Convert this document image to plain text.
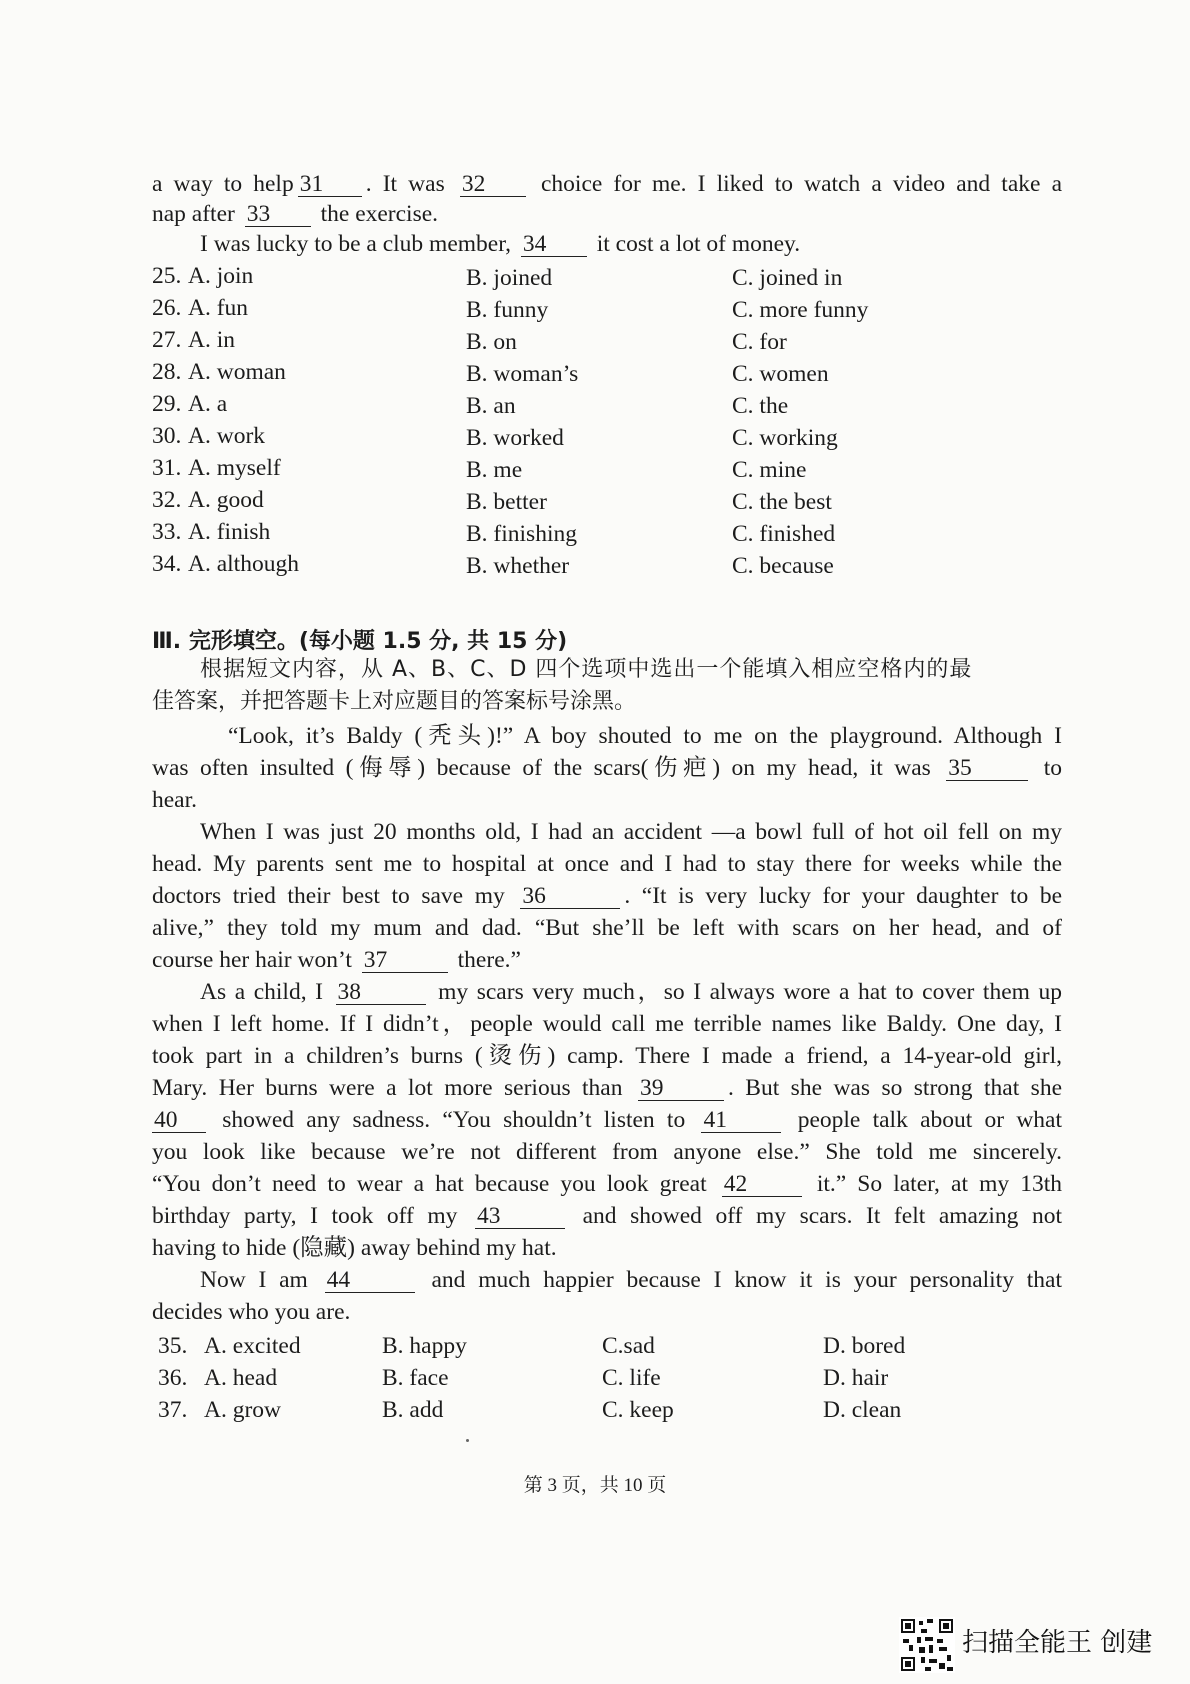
a way to help 31 . It was 32 choice for me. I liked to watch a video and take a
nap after 33 the exercise.
I was lucky to be a club member, 34 it cost a lot of money.
25. A. join	B. joined	C. joined in
26. A. fun	B. funny	C. more funny
27. A. in	B. on	C. for
28. A. woman	B. woman’s	C. women
29. A. a	B. an	C. the
30. A. work	B. worked	C. working
31. A. myself	B. me	C. mine
32. A. good	B. better	C. the best
33. A. finish	B. finishing	C. finished
34. A. although	B. whether	C. because
Ⅲ. 完形填空。(每小题 1.5 分, 共 15 分)
根据短文内容，从 A、B、C、D 四个选项中选出一个能填入相应空格内的最
佳答案，并把答题卡上对应题目的答案标号涂黑。
“Look, it’s Baldy (秃头)!” A boy shouted to me on the playground. Although I
was often insulted (侮辱) because of the scars(伤疤) on my head, it was 35	to
hear.
When I was just 20 months old, I had an accident —a bowl full of hot oil fell on my
head. My parents sent me to hospital at once and I had to stay there for weeks while the
doctors tried their best to save my 36	. “It is very lucky for your daughter to be
alive,” they told my mum and dad. “But she’ll be left with scars on her head, and of
course her hair won’t 37	there.”
As a child, I 38	my scars very much，so I always wore a hat to cover them up
when I left home. If I didn’t，people would call me terrible names like Baldy. One day, I
took part in a children’s burns (烫伤) camp. There I made a friend, a 14-year-old girl,
Mary. Her burns were a lot more serious than 39	. But she was so strong that she
40 showed any sadness. “You shouldn’t listen to 41	people talk about or what
you look like because we’re not different from anyone else.” She told me sincerely.
“You don’t need to wear a hat because you look great 42	it.” So later, at my 13th
birthday party, I took off my 43	and showed off my scars. It felt amazing not
having to hide (隐藏) away behind my hat.
Now I am 44	and much happier because I know it is your personality that
decides who you are.
35. A. excited	B. happy	C.sad	D. bored
36. A. head	B. face	C. life	D. hair
37. A. grow	B. add	C. keep	D. clean
第 3 页，共 10 页
扫描全能王 创建
